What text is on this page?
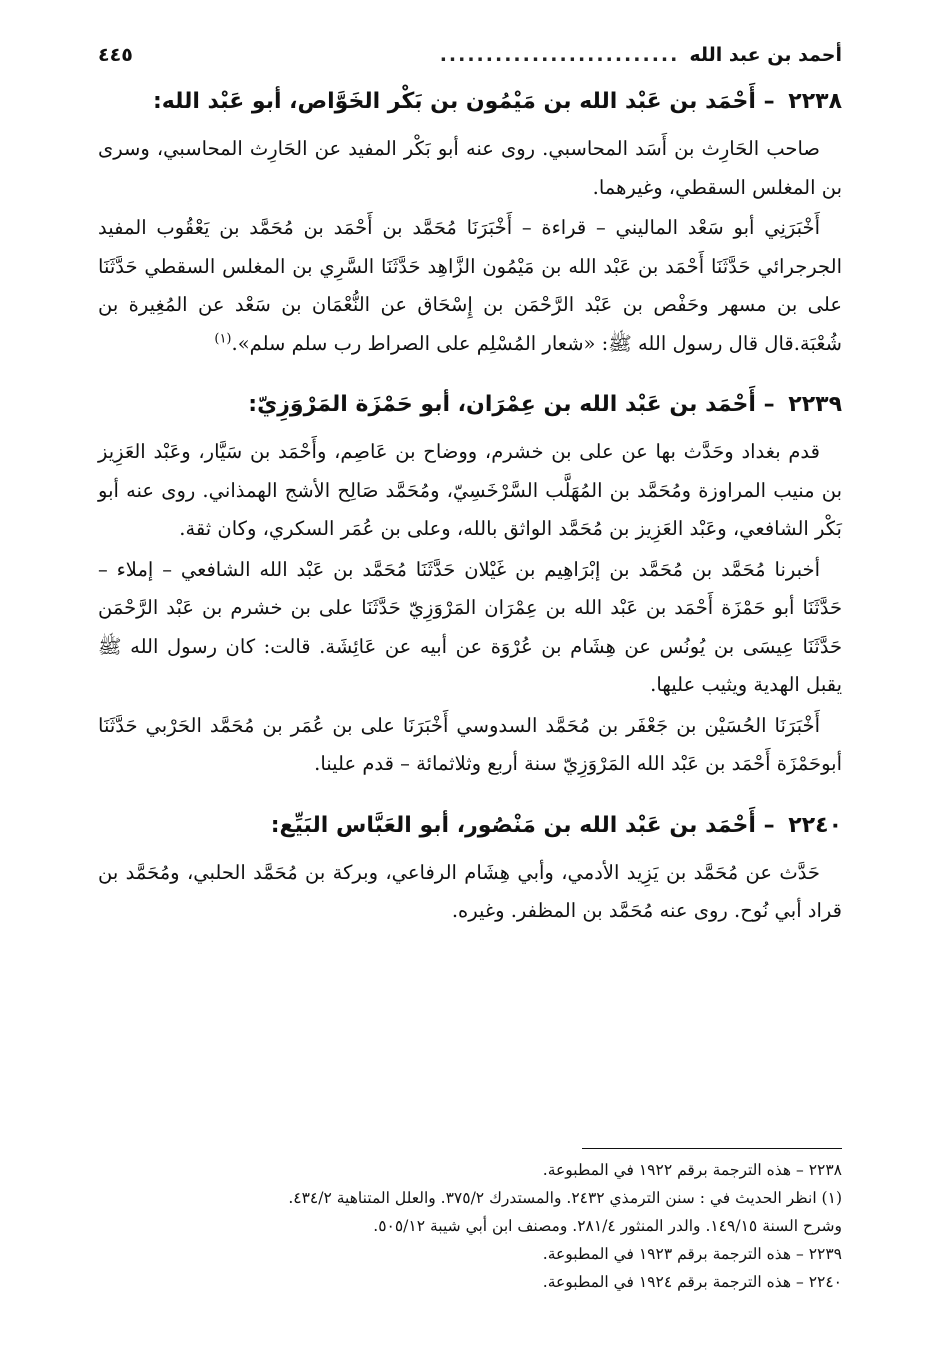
أحمد بن عبد الله
..........................
٤٤٥
٢٢٣٨ – أَحْمَد بن عَبْد الله بن مَيْمُون بن بَكْر الخَوَّاص، أبو عَبْد الله:

صاحب الحَارِث بن أَسَد المحاسبي. روى عنه أبو بَكْر المفيد عن الحَارِث المحاسبي، وسرى بن المغلس السقطي، وغيرهما.

أَخْبَرَنِي أبو سَعْد الماليني – قراءة – أَخْبَرَنَا مُحَمَّد بن أَحْمَد بن مُحَمَّد بن يَعْقُوب المفيد الجرجرائي حَدَّثَنَا أَحْمَد بن عَبْد الله بن مَيْمُون الزَّاهِد حَدَّثَنَا السَّرِي بن المغلس السقطي حَدَّثَنَا على بن مسهر وحَفْص بن عَبْد الرَّحْمَن بن إِسْحَاق عن النُّعْمَان بن سَعْد عن المُغِيرة بن شُعْبَة.قال قال رسول الله ﷺ: «شعار المُسْلِم على الصراط رب سلم سلم».$^{(١)}$

٢٢٣٩ – أَحْمَد بن عَبْد الله بن عِمْرَان، أبو حَمْزَة المَرْوَزِيّ:

قدم بغداد وحَدَّث بها عن على بن خشرم، ووضاح بن عَاصِم، وأَحْمَد بن سَيَّار، وعَبْد العَزِيز بن منيب المراوزة ومُحَمَّد بن المُهَلَّب السَّرْخَسِيّ، ومُحَمَّد صَالِح الأشج الهمذاني. روى عنه أبو بَكْر الشافعي، وعَبْد العَزِيز بن مُحَمَّد الواثق بالله، وعلى بن عُمَر السكري، وكان ثقة.

أخبرنا مُحَمَّد بن مُحَمَّد بن إبْرَاهِيم بن غَيْلان حَدَّثَنَا مُحَمَّد بن عَبْد الله الشافعي – إملاء – حَدَّثَنَا أبو حَمْزَة أَحْمَد بن عَبْد الله بن عِمْرَان المَرْوَزِيّ حَدَّثَنَا على بن خشرم بن عَبْد الرَّحْمَن حَدَّثَنَا عِيسَى بن يُونُس عن هِشَام بن عُرْوَة عن أبيه عن عَائِشَة. قالت: كان رسول الله ﷺ يقبل الهدية ويثيب عليها.

أَخْبَرَنَا الحُسَيْن بن جَعْفَر بن مُحَمَّد السدوسي أَخْبَرَنَا على بن عُمَر بن مُحَمَّد الحَرْبي حَدَّثَنَا أبوحَمْزَة أَحْمَد بن عَبْد الله المَرْوَزِيّ سنة أربع وثلاثمائة – قدم علينا.

٢٢٤٠ – أَحْمَد بن عَبْد الله بن مَنْصُور، أبو العَبَّاس البَيِّع:

حَدَّث عن مُحَمَّد بن يَزِيد الأدمي، وأبي هِشَام الرفاعي، وبركة بن مُحَمَّد الحلبي، ومُحَمَّد بن قراد أبي نُوح. روى عنه مُحَمَّد بن المظفر. وغيره.

٢٢٣٨ – هذه الترجمة برقم ١٩٢٢ في المطبوعة.
(١) انظر الحديث في : سنن الترمذي ٢٤٣٢. والمستدرك ٣٧٥/٢. والعلل المتناهية ٤٣٤/٢.
وشرح السنة ١٤٩/١٥. والدر المنثور ٢٨١/٤. ومصنف ابن أبي شيبة ٥٠٥/١٢.
٢٢٣٩ – هذه الترجمة برقم ١٩٢٣ في المطبوعة.
٢٢٤٠ – هذه الترجمة برقم ١٩٢٤ في المطبوعة.
